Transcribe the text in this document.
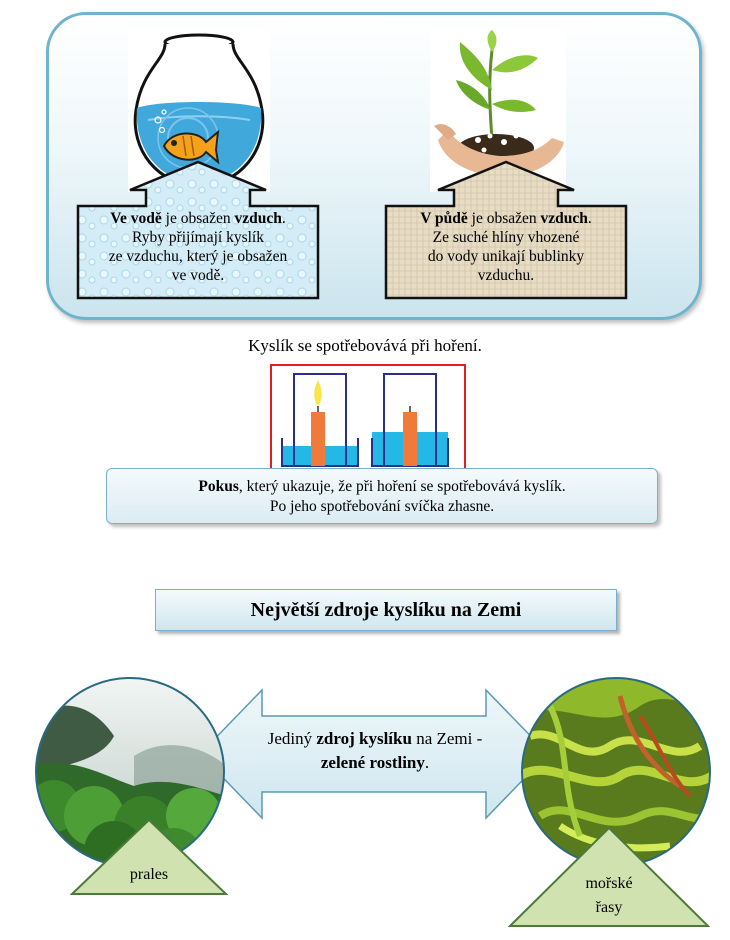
Ve vodě je obsažen vzduch.
Ryby přijímají kyslík
ze vzduchu, který je obsažen
ve vodě.
V půdě je obsažen vzduch.
Ze suché hlíny vhozené
do vody unikají bublinky
vzduchu.
Kyslík se spotřebovává při hoření.
Pokus, který ukazuje, že při hoření se spotřebovává kyslík.
Po jeho spotřebování svíčka zhasne.
Největší zdroje kyslíku na Zemi
Jediný zdroj kyslíku na Zemi -
zelené rostliny.
prales
mořské
řasy
